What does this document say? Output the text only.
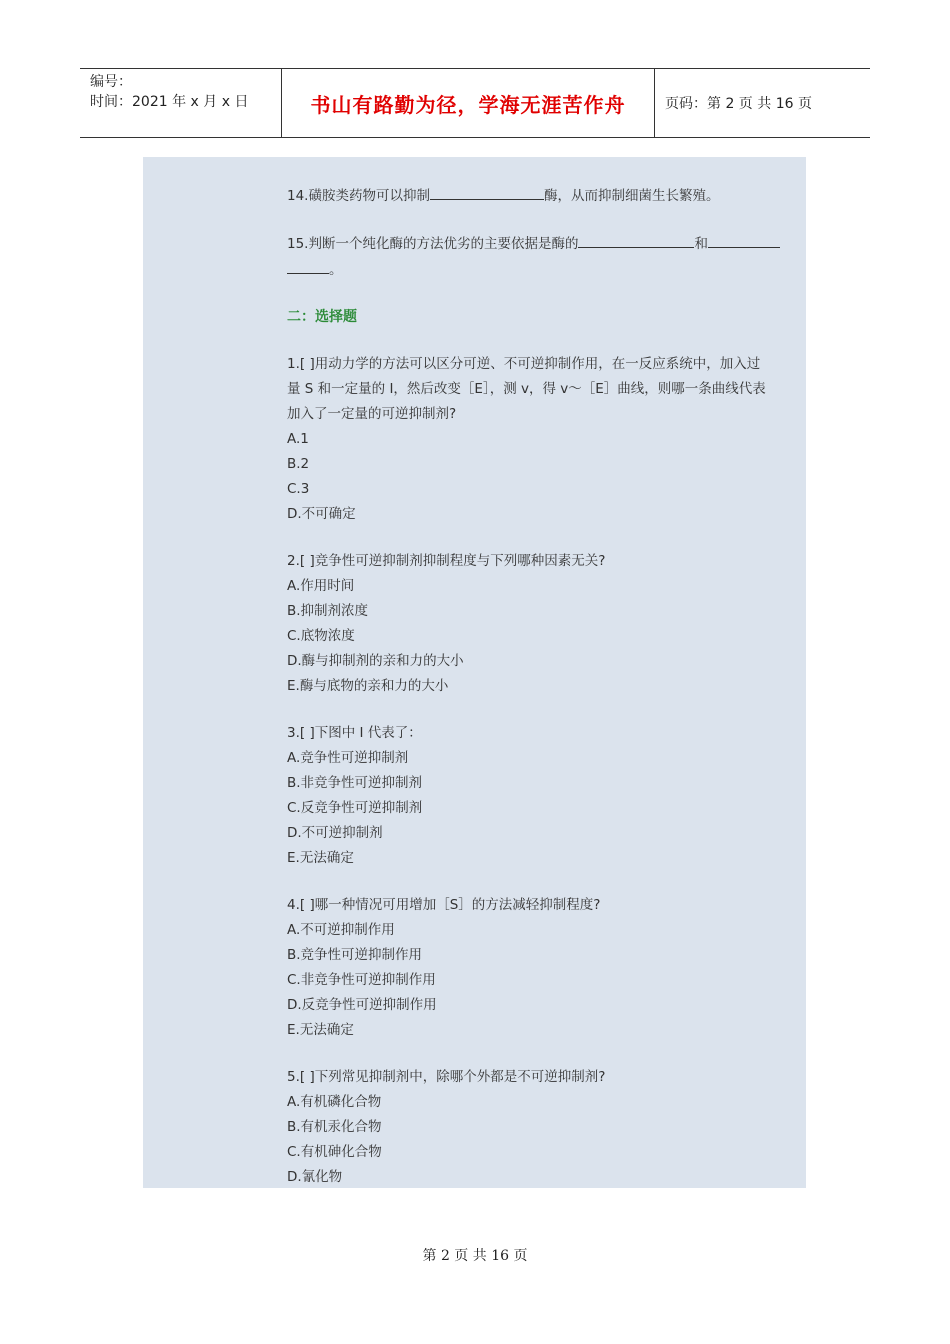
编号：
时间：2021 年 x 月 x 日	书山有路勤为径，学海无涯苦作舟	页码：第 2 页 共 16 页
14.磺胺类药物可以抑制	酶，从而抑制细菌生长繁殖。
15.判断一个纯化酶的方法优劣的主要依据是酶的	和
。
二：选择题
1.[ ]用动力学的方法可以区分可逆、不可逆抑制作用，在一反应系统中，加入过
量 S 和一定量的 I，然后改变［E］，测 v，得 v～［E］曲线，则哪一条曲线代表
加入了一定量的可逆抑制剂?
A.1
B.2
C.3
D.不可确定
2.[ ]竞争性可逆抑制剂抑制程度与下列哪种因素无关?
A.作用时间
B.抑制剂浓度
C.底物浓度
D.酶与抑制剂的亲和力的大小
E.酶与底物的亲和力的大小
3.[ ]下图中 I 代表了：
A.竞争性可逆抑制剂
B.非竞争性可逆抑制剂
C.反竞争性可逆抑制剂
D.不可逆抑制剂
E.无法确定
4.[ ]哪一种情况可用增加［S］的方法减轻抑制程度?
A.不可逆抑制作用
B.竞争性可逆抑制作用
C.非竞争性可逆抑制作用
D.反竞争性可逆抑制作用
E.无法确定
5.[ ]下列常见抑制剂中，除哪个外都是不可逆抑制剂?
A.有机磷化合物
B.有机汞化合物
C.有机砷化合物
D.氰化物
第 2 页 共 16 页
